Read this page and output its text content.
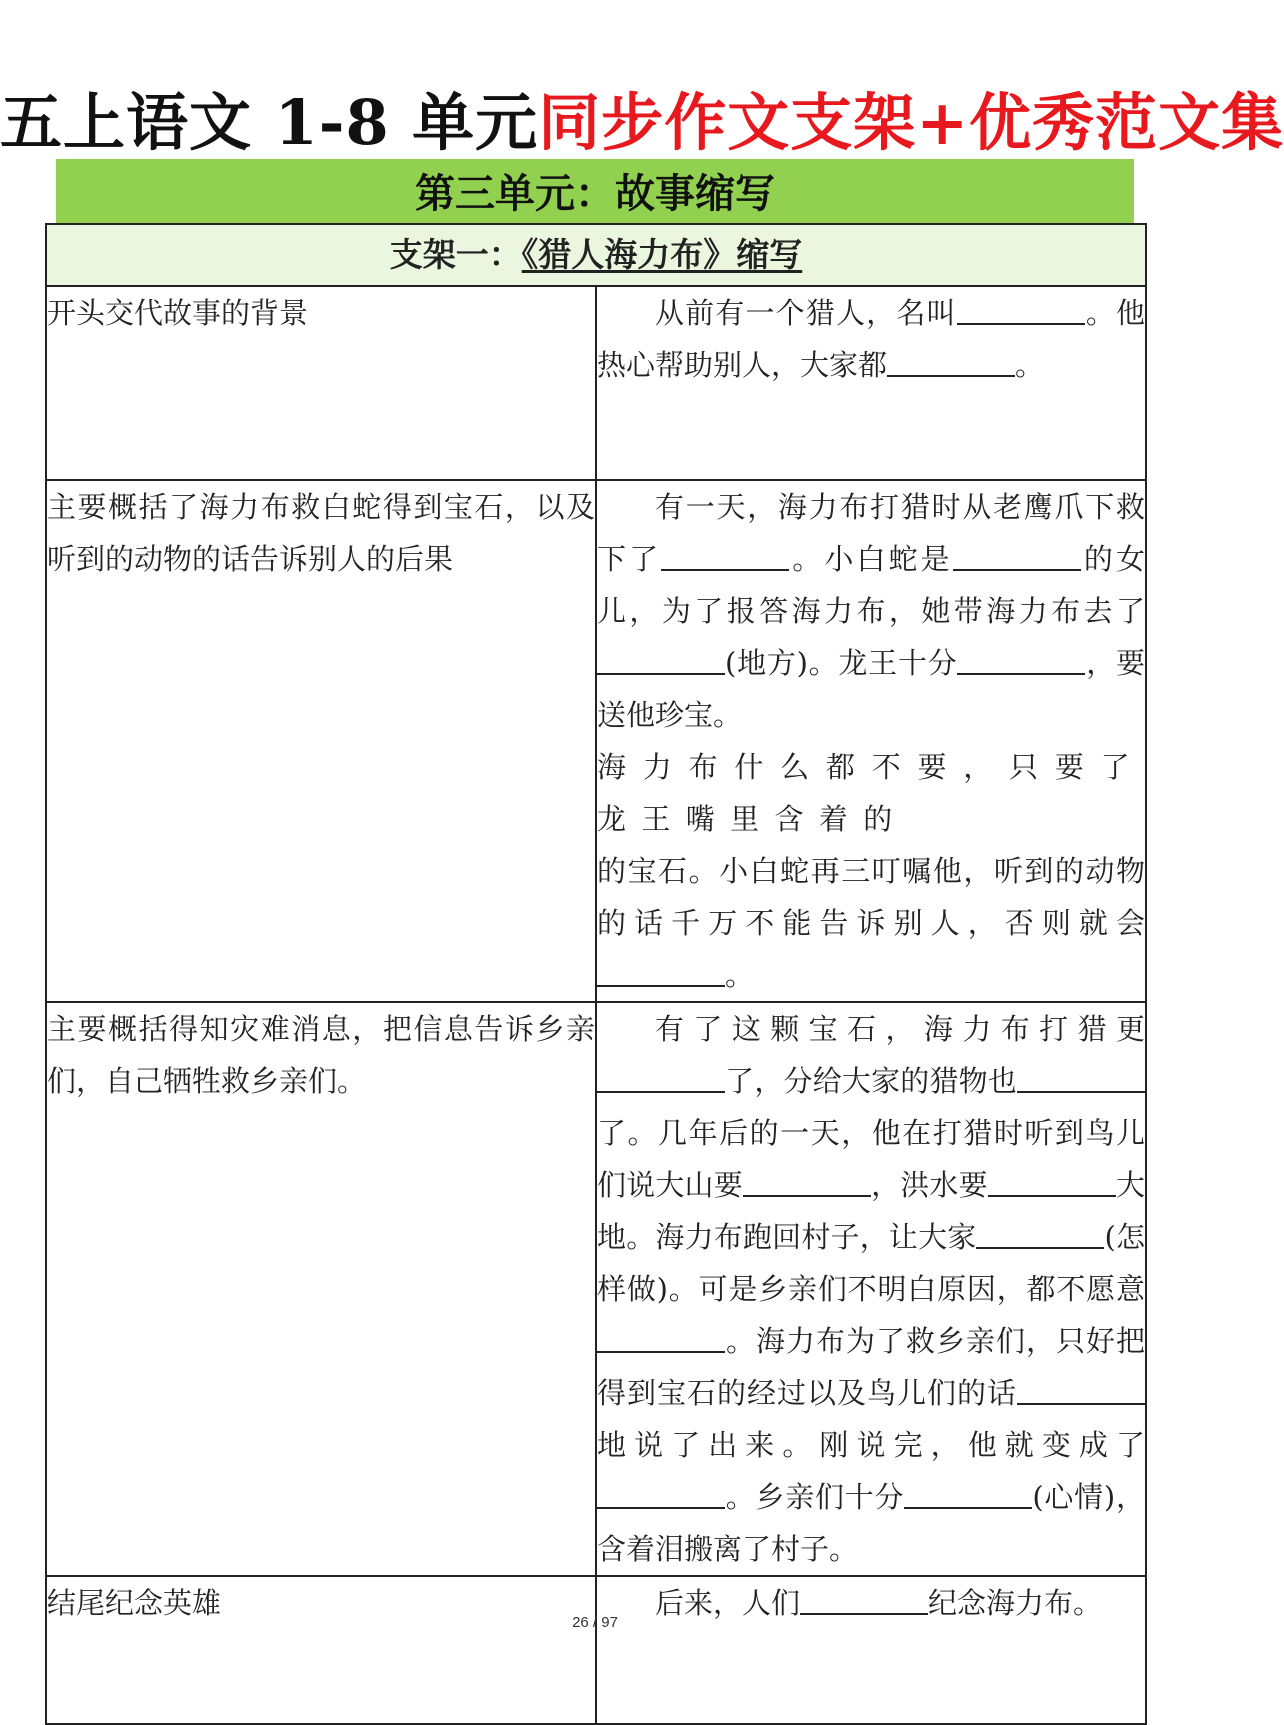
五上语文 1-8 单元同步作文支架+优秀范文集
第三单元：故事缩写
支架一：《猎人海力布》缩写	
开头交代故事的背景	从前有一个猎人，名叫 。他热心帮助别人，大家都 。

主要概括了海力布救白蛇得到宝石，以及听到的动物的话告诉别人的后果	有一天，海力布打猎时从老鹰爪下救下了 。小白蛇是 的女儿，为了报答海力布，她带海力布去了(地方)。龙王十分 ，要送他珍宝。

海力布什么都不要，只要了龙王嘴里含着的
的宝石。小白蛇再三叮嘱他，听到的动物的话千万不能告诉别人，否则就会。

主要概括得知灾难消息，把信息告诉乡亲们，自己牺牲救乡亲们。	有了这颗宝石，海力布打猎更了，分给大家的猎物也了。几年后的一天，他在打猎时听到鸟儿们说大山要 ，洪水要 大地。海力布跑回村子，让大家 (怎样做)。可是乡亲们不明白原因，都不愿意。海力布为了救乡亲们，只好把得到宝石的经过以及鸟儿们的话地说了出来。刚说完，他就变成了。乡亲们十分 (心情)，含着泪搬离了村子。

结尾纪念英雄	后来，人们 纪念海力布。

26 / 97
